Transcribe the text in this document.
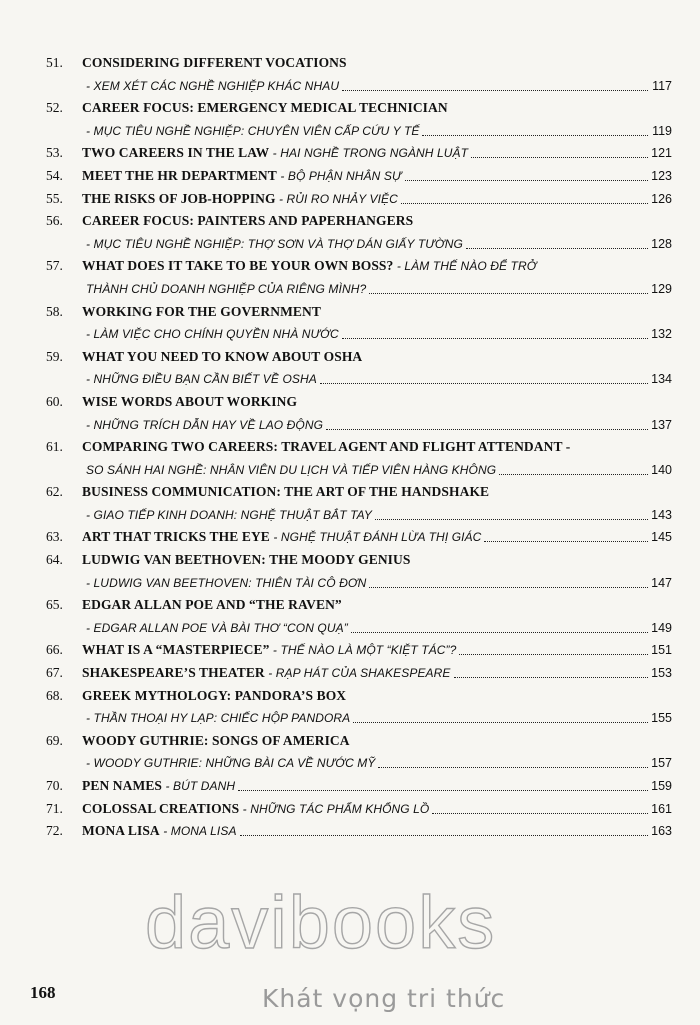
51. CONSIDERING DIFFERENT VOCATIONS
- XEM XÉT CÁC NGHỀ NGHIỆP KHÁC NHAU	117
52. CAREER FOCUS: EMERGENCY MEDICAL TECHNICIAN
- MỤC TIÊU NGHỀ NGHIỆP: CHUYÊN VIÊN CẤP CỨU Y TẾ	119
53. TWO CAREERS IN THE LAW - HAI NGHỀ TRONG NGÀNH LUẬT	121
54. MEET THE HR DEPARTMENT - BỘ PHẬN NHÂN SỰ	123
55. THE RISKS OF JOB-HOPPING - RỦI RO NHẢY VIỆC	126
56. CAREER FOCUS: PAINTERS AND PAPERHANGERS
- MỤC TIÊU NGHỀ NGHIỆP: THỢ SƠN VÀ THỢ DÁN GIẤY TƯỜNG	128
57. WHAT DOES IT TAKE TO BE YOUR OWN BOSS? - LÀM THẾ NÀO ĐỂ TRỞ
THÀNH CHỦ DOANH NGHIỆP CỦA RIÊNG MÌNH?	129
58. WORKING FOR THE GOVERNMENT
- LÀM VIỆC CHO CHÍNH QUYỀN NHÀ NƯỚC	132
59. WHAT YOU NEED TO KNOW ABOUT OSHA
- NHỮNG ĐIỀU BẠN CẦN BIẾT VỀ OSHA	134
60. WISE WORDS ABOUT WORKING
- NHỮNG TRÍCH DẪN HAY VỀ LAO ĐỘNG	137
61. COMPARING TWO CAREERS: TRAVEL AGENT AND FLIGHT ATTENDANT -
SO SÁNH HAI NGHỀ: NHÂN VIÊN DU LỊCH VÀ TIẾP VIÊN HÀNG KHÔNG	140
62. BUSINESS COMMUNICATION: THE ART OF THE HANDSHAKE
- GIAO TIẾP KINH DOANH: NGHỆ THUẬT BẮT TAY	143
63. ART THAT TRICKS THE EYE - NGHỆ THUẬT ĐÁNH LỪA THỊ GIÁC	145
64. LUDWIG VAN BEETHOVEN: THE MOODY GENIUS
- LUDWIG VAN BEETHOVEN: THIÊN TÀI CÔ ĐƠN	147
65. EDGAR ALLAN POE AND “THE RAVEN”
- EDGAR ALLAN POE VÀ BÀI THƠ “CON QUẠ”	149
66. WHAT IS A “MASTERPIECE” - THẾ NÀO LÀ MỘT “KIỆT TÁC”?	151
67. SHAKESPEARE’S THEATER - RẠP HÁT CỦA SHAKESPEARE	153
68. GREEK MYTHOLOGY: PANDORA’S BOX
- THẦN THOẠI HY LẠP: CHIẾC HỘP PANDORA	155
69. WOODY GUTHRIE: SONGS OF AMERICA
- WOODY GUTHRIE: NHỮNG BÀI CA VỀ NƯỚC MỸ	157
70. PEN NAMES - BÚT DANH	159
71. COLOSSAL CREATIONS - NHỮNG TÁC PHẨM KHỔNG LỒ	161
72. MONA LISA - MONA LISA	163
davibooks
Khát vọng tri thức
168
